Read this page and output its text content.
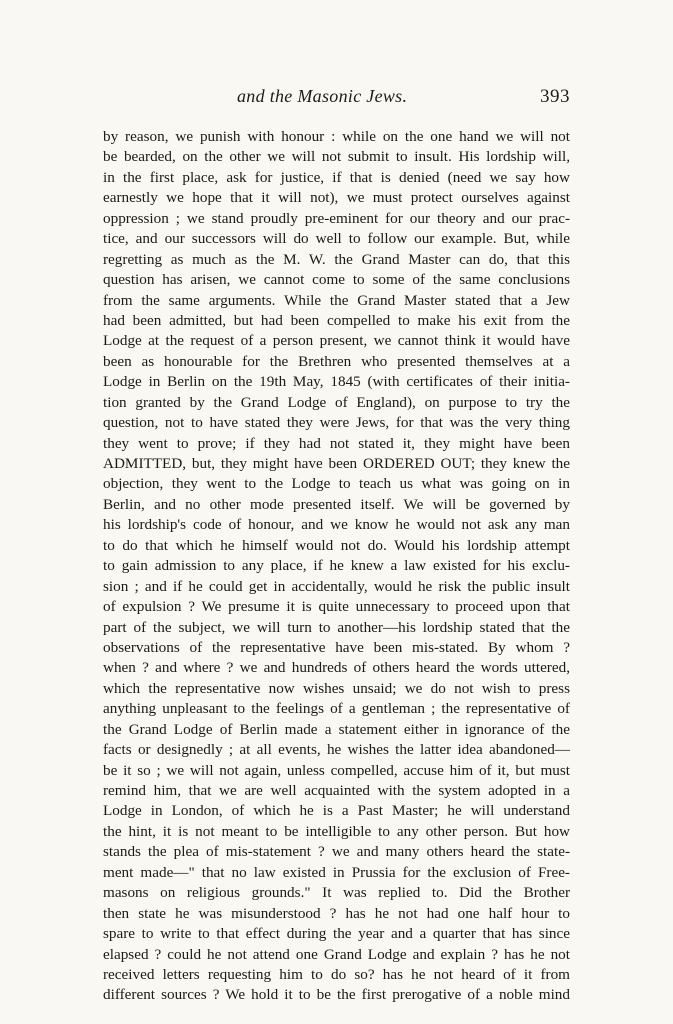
and the Masonic Jews.	393
by reason, we punish with honour : while on the one hand we will not
be bearded, on the other we will not submit to insult. His lordship will,
in the first place, ask for justice, if that is denied (need we say how
earnestly we hope that it will not), we must protect ourselves against
oppression ; we stand proudly pre-eminent for our theory and our prac-
tice, and our successors will do well to follow our example. But, while
regretting as much as the M. W. the Grand Master can do, that this
question has arisen, we cannot come to some of the same conclusions
from the same arguments. While the Grand Master stated that a Jew
had been admitted, but had been compelled to make his exit from the
Lodge at the request of a person present, we cannot think it would have
been as honourable for the Brethren who presented themselves at a
Lodge in Berlin on the 19th May, 1845 (with certificates of their initia-
tion granted by the Grand Lodge of England), on purpose to try the
question, not to have stated they were Jews, for that was the very thing
they went to prove; if they had not stated it, they might have been
ADMITTED, but, they might have been ORDERED OUT; they knew the
objection, they went to the Lodge to teach us what was going on in
Berlin, and no other mode presented itself. We will be governed by
his lordship's code of honour, and we know he would not ask any man
to do that which he himself would not do. Would his lordship attempt
to gain admission to any place, if he knew a law existed for his exclu-
sion ; and if he could get in accidentally, would he risk the public insult
of expulsion ? We presume it is quite unnecessary to proceed upon that
part of the subject, we will turn to another—his lordship stated that the
observations of the representative have been mis-stated. By whom ?
when ? and where ? we and hundreds of others heard the words uttered,
which the representative now wishes unsaid; we do not wish to press
anything unpleasant to the feelings of a gentleman ; the representative of
the Grand Lodge of Berlin made a statement either in ignorance of the
facts or designedly ; at all events, he wishes the latter idea abandoned—
be it so ; we will not again, unless compelled, accuse him of it, but must
remind him, that we are well acquainted with the system adopted in a
Lodge in London, of which he is a Past Master; he will understand
the hint, it is not meant to be intelligible to any other person. But how
stands the plea of mis-statement ? we and many others heard the state-
ment made—" that no law existed in Prussia for the exclusion of Free-
masons on religious grounds." It was replied to. Did the Brother
then state he was misunderstood ? has he not had one half hour to
spare to write to that effect during the year and a quarter that has since
elapsed ? could he not attend one Grand Lodge and explain ? has he not
received letters requesting him to do so? has he not heard of it from
different sources ? We hold it to be the first prerogative of a noble mind
